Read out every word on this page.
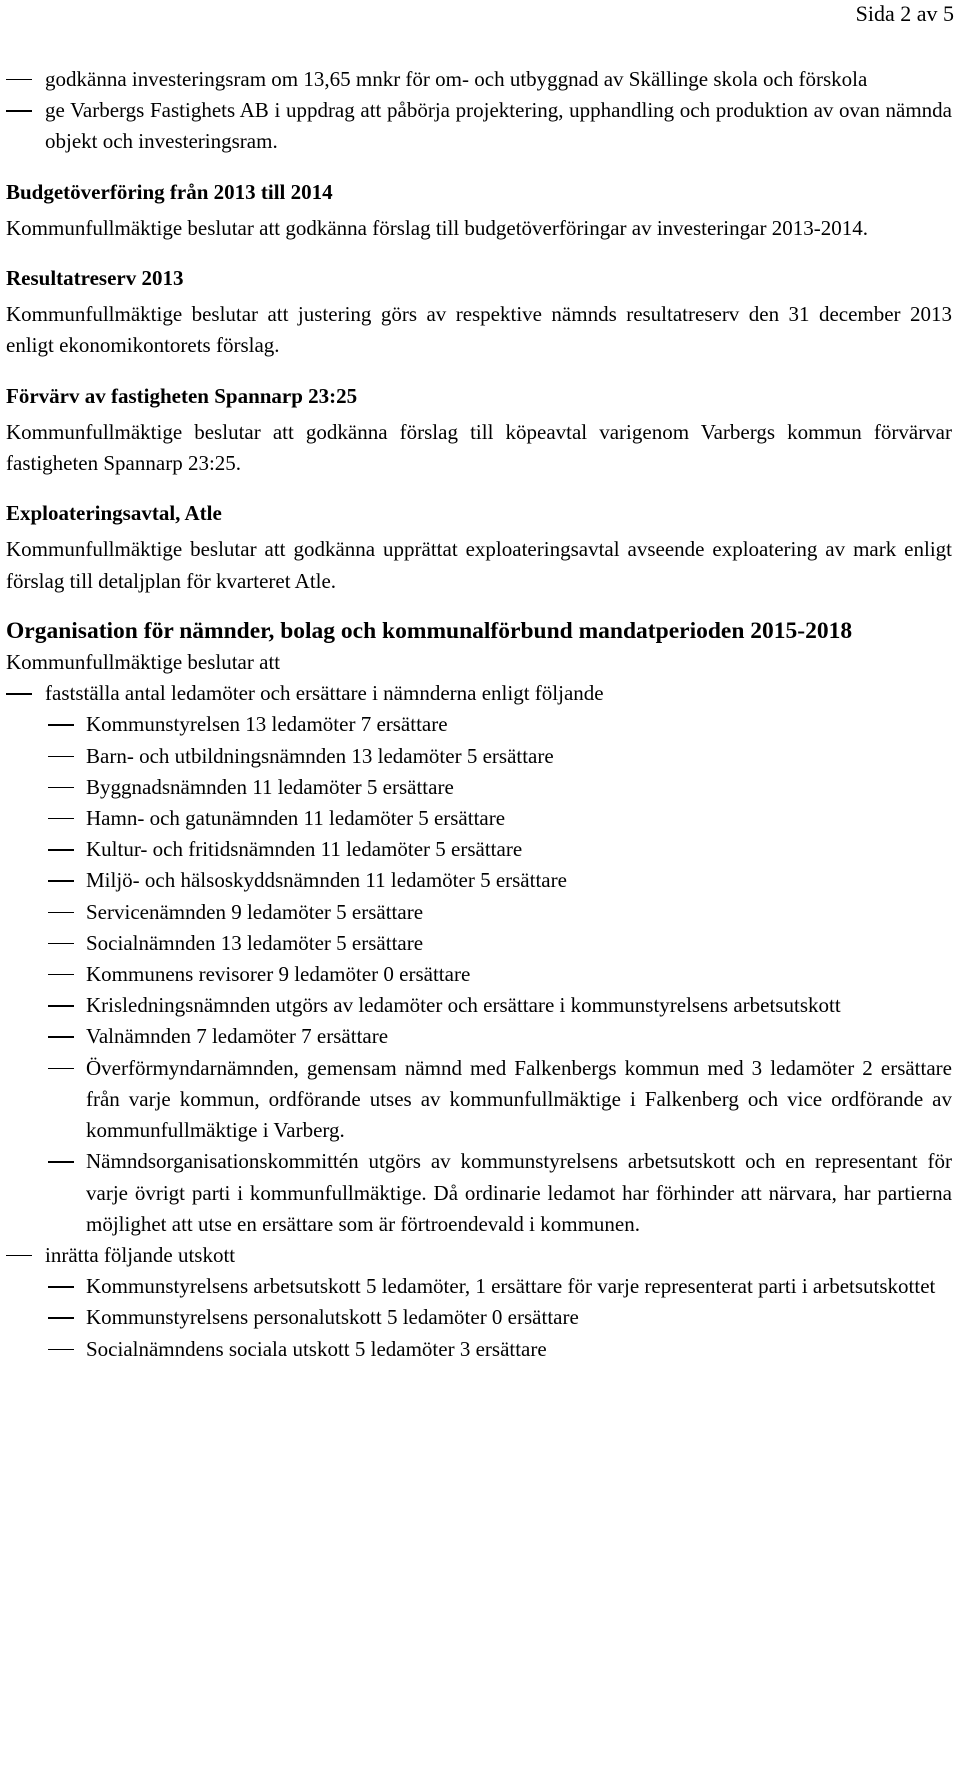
Sida 2 av 5
godkänna investeringsram om 13,65 mnkr för om- och utbyggnad av Skällinge skola och förskola
ge Varbergs Fastighets AB i uppdrag att påbörja projektering, upphandling och produktion av ovan nämnda objekt och investeringsram.
Budgetöverföring från 2013 till 2014

Kommunfullmäktige beslutar att godkänna förslag till budgetöverföringar av investeringar 2013-2014.

Resultatreserv 2013

Kommunfullmäktige beslutar att justering görs av respektive nämnds resultatreserv den 31 december 2013 enligt ekonomikontorets förslag.

Förvärv av fastigheten Spannarp 23:25

Kommunfullmäktige beslutar att godkänna förslag till köpeavtal varigenom Varbergs kommun förvärvar fastigheten Spannarp 23:25.

Exploateringsavtal, Atle

Kommunfullmäktige beslutar att godkänna upprättat exploateringsavtal avseende exploatering av mark enligt förslag till detaljplan för kvarteret Atle.

Organisation för nämnder, bolag och kommunalförbund mandatperioden 2015-2018

Kommunfullmäktige beslutar att

fastställa antal ledamöter och ersättare i nämnderna enligt följande
Kommunstyrelsen 13 ledamöter 7 ersättare
Barn- och utbildningsnämnden 13 ledamöter 5 ersättare
Byggnadsnämnden 11 ledamöter 5 ersättare
Hamn- och gatunämnden 11 ledamöter 5 ersättare
Kultur- och fritidsnämnden 11 ledamöter 5 ersättare
Miljö- och hälsoskyddsnämnden 11 ledamöter 5 ersättare
Servicenämnden 9 ledamöter 5 ersättare
Socialnämnden 13 ledamöter 5 ersättare
Kommunens revisorer 9 ledamöter 0 ersättare
Krisledningsnämnden utgörs av ledamöter och ersättare i kommunstyrelsens arbetsutskott
Valnämnden 7 ledamöter 7 ersättare
Överförmyndarnämnden, gemensam nämnd med Falkenbergs kommun med 3 ledamöter 2 ersättare från varje kommun, ordförande utses av kommunfullmäktige i Falkenberg och vice ordförande av kommunfullmäktige i Varberg.
Nämndsorganisationskommittén utgörs av kommunstyrelsens arbetsutskott och en representant för varje övrigt parti i kommunfullmäktige. Då ordinarie ledamot har förhinder att närvara, har partierna möjlighet att utse en ersättare som är förtroendevald i kommunen.
inrätta följande utskott
Kommunstyrelsens arbetsutskott 5 ledamöter, 1 ersättare för varje representerat parti i arbetsutskottet
Kommunstyrelsens personalutskott 5 ledamöter 0 ersättare
Socialnämndens sociala utskott 5 ledamöter 3 ersättare
